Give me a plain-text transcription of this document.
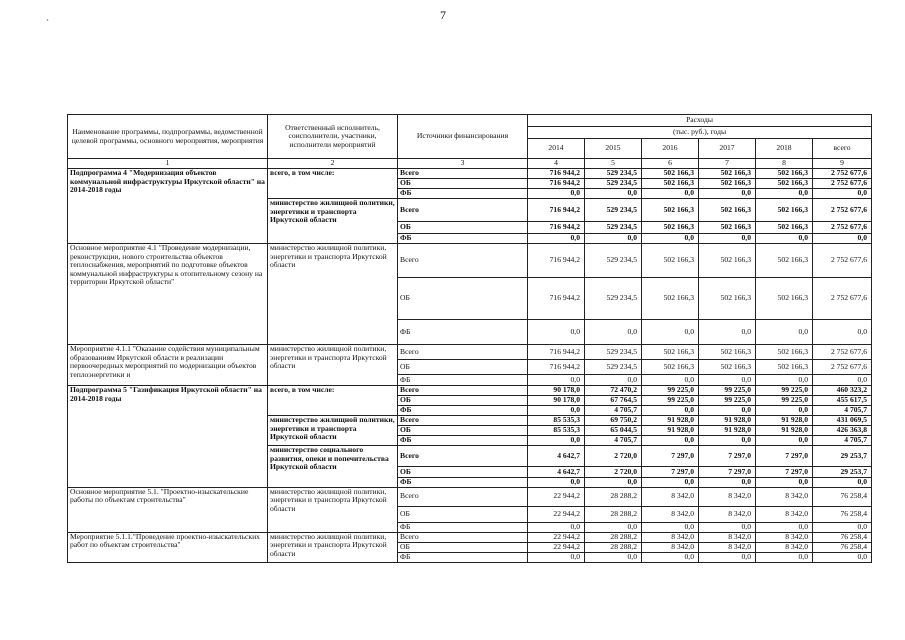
`
7
Наименование программы, подпрограммы, ведомственной целевой программы, основного мероприятия, мероприятия	Ответственный исполнитель, соисполнители, участники, исполнители мероприятий	Источники финансирования	Расходы					
			(тыс. руб.), годы					
			2014	2015	2016	2017	2018	всего
1	2	3	4	5	6	7	8	9
Подпрограмма 4 "Модернизация объектов коммунальной инфраструктуры Иркутской области" на 2014-2018 годы	всего, в том числе:	Всего	716 944,2	529 234,5	502 166,3	502 166,3	502 166,3	2 752 677,6
		ОБ	716 944,2	529 234,5	502 166,3	502 166,3	502 166,3	2 752 677,6
		ФБ	0,0	0,0	0,0	0,0	0,0	0,0
	министерство жилищной политики, энергетики и транспорта Иркутской области	Всего	716 944,2	529 234,5	502 166,3	502 166,3	502 166,3	2 752 677,6
		ОБ	716 944,2	529 234,5	502 166,3	502 166,3	502 166,3	2 752 677,6
		ФБ	0,0	0,0	0,0	0,0	0,0	0,0
Основное мероприятие 4.1 "Проведение модернизации, реконструкции, нового строительства объектов теплоснабжения, мероприятий по подготовке объектов коммунальной инфраструктуры к отопительному сезону на территории Иркутской области"	министерство жилищной политики, энергетики и транспорта Иркутской области	Всего	716 944,2	529 234,5	502 166,3	502 166,3	502 166,3	2 752 677,6
		ОБ	716 944,2	529 234,5	502 166,3	502 166,3	502 166,3	2 752 677,6
		ФБ	0,0	0,0	0,0	0,0	0,0	0,0
Мероприятие 4.1.1 "Оказание содействия муниципальным образованиям Иркутской области в реализации первоочередных мероприятий по модернизации объектов теплоэнергетики и	министерство жилищной политики, энергетики и транспорта Иркутской области	Всего	716 944,2	529 234,5	502 166,3	502 166,3	502 166,3	2 752 677,6
		ОБ	716 944,2	529 234,5	502 166,3	502 166,3	502 166,3	2 752 677,6
		ФБ	0,0	0,0	0,0	0,0	0,0	0,0
Подпрограмма 5 "Газификация Иркутской области" на 2014-2018 годы	всего, в том числе:	Всего	90 178,0	72 470,2	99 225,0	99 225,0	99 225,0	460 323,2
		ОБ	90 178,0	67 764,5	99 225,0	99 225,0	99 225,0	455 617,5
		ФБ	0,0	4 705,7	0,0	0,0	0,0	4 705,7
	министерство жилищной политики, энергетики и транспорта Иркутской области	Всего	85 535,3	69 750,2	91 928,0	91 928,0	91 928,0	431 069,5
		ОБ	85 535,3	65 044,5	91 928,0	91 928,0	91 928,0	426 363,8
		ФБ	0,0	4 705,7	0,0	0,0	0,0	4 705,7
	министерство социального развития, опеки и попечительства Иркутской области	Всего	4 642,7	2 720,0	7 297,0	7 297,0	7 297,0	29 253,7
		ОБ	4 642,7	2 720,0	7 297,0	7 297,0	7 297,0	29 253,7
		ФБ	0,0	0,0	0,0	0,0	0,0	0,0
Основное мероприятие 5.1. "Проектно-изыскательские работы по объектам строительства"	министерство жилищной политики, энергетики и транспорта Иркутской области	Всего	22 944,2	28 288,2	8 342,0	8 342,0	8 342,0	76 258,4
		ОБ	22 944,2	28 288,2	8 342,0	8 342,0	8 342,0	76 258,4
		ФБ	0,0	0,0	0,0	0,0	0,0	0,0
Мероприятие 5.1.1."Проведение проектно-изыскательских работ по объектам строительства"	министерство жилищной политики, энергетики и транспорта Иркутской области	Всего	22 944,2	28 288,2	8 342,0	8 342,0	8 342,0	76 258,4
		ОБ	22 944,2	28 288,2	8 342,0	8 342,0	8 342,0	76 258,4
		ФБ	0,0	0,0	0,0	0,0	0,0	0,0
